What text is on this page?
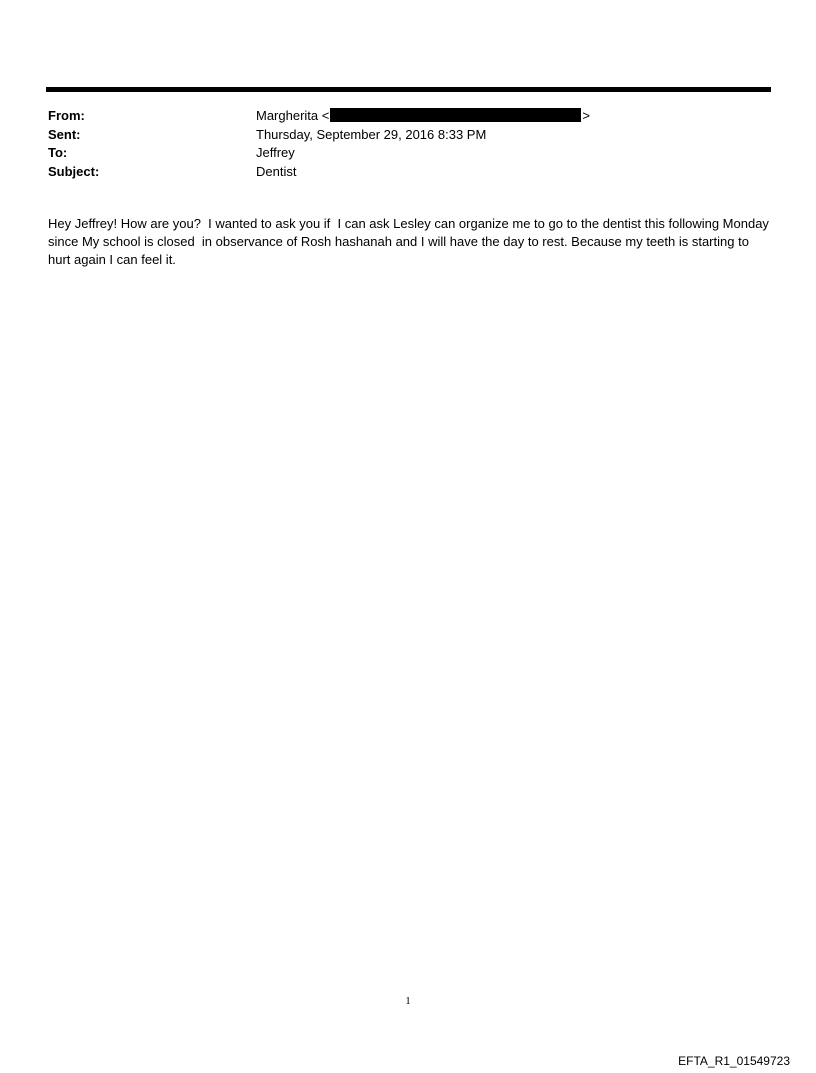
From:	Margherita <	>
Sent:	Thursday, September 29, 2016 8:33 PM
To:	Jeffrey
Subject:	Dentist
Hey Jeffrey! How are you?  I wanted to ask you if  I can ask Lesley can organize me to go to the dentist this following Monday since My school is closed  in observance of Rosh hashanah and I will have the day to rest. Because my teeth is starting to hurt again I can feel it.
1
EFTA_R1_01549723
